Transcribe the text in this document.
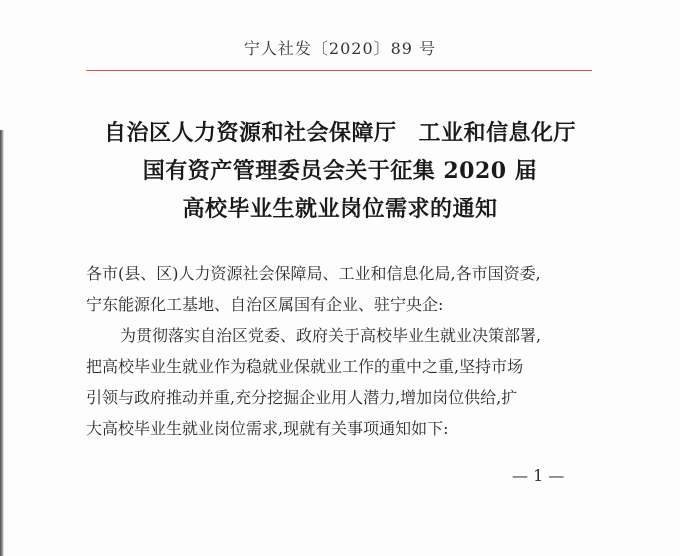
宁人社发〔2020〕89 号
自治区人力资源和社会保障厅 工业和信息化厅
国有资产管理委员会关于征集 2020 届
高校毕业生就业岗位需求的通知

各市(县、区)人力资源社会保障局、工业和信息化局,各市国资委,

宁东能源化工基地、自治区属国有企业、驻宁央企:

为贯彻落实自治区党委、政府关于高校毕业生就业决策部署,

把高校毕业生就业作为稳就业保就业工作的重中之重,坚持市场

引领与政府推动并重,充分挖掘企业用人潜力,增加岗位供给,扩

大高校毕业生就业岗位需求,现就有关事项通知如下:

— 1 —
